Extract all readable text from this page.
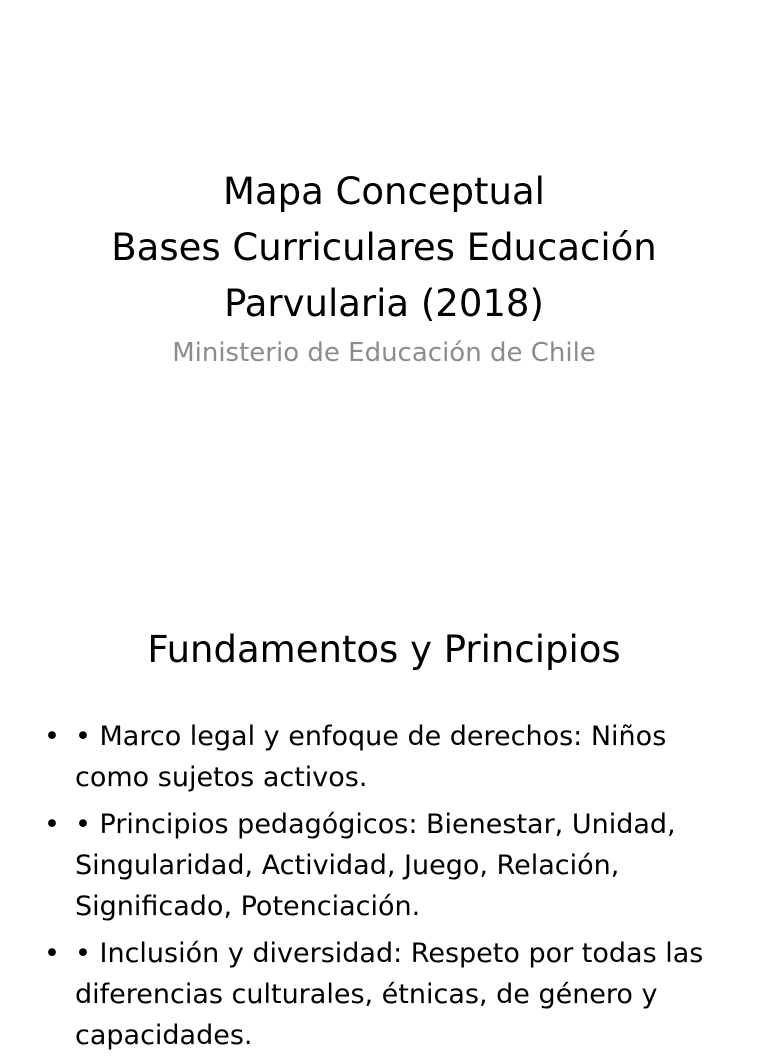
Mapa Conceptual
Bases Curriculares Educación
Parvularia (2018)
Ministerio de Educación de Chile
Fundamentos y Principios
• • Marco legal y enfoque de derechos: Niños
como sujetos activos.
• • Principios pedagógicos: Bienestar, Unidad,
Singularidad, Actividad, Juego, Relación,
Significado, Potenciación.
• • Inclusión y diversidad: Respeto por todas las
diferencias culturales, étnicas, de género y
capacidades.
